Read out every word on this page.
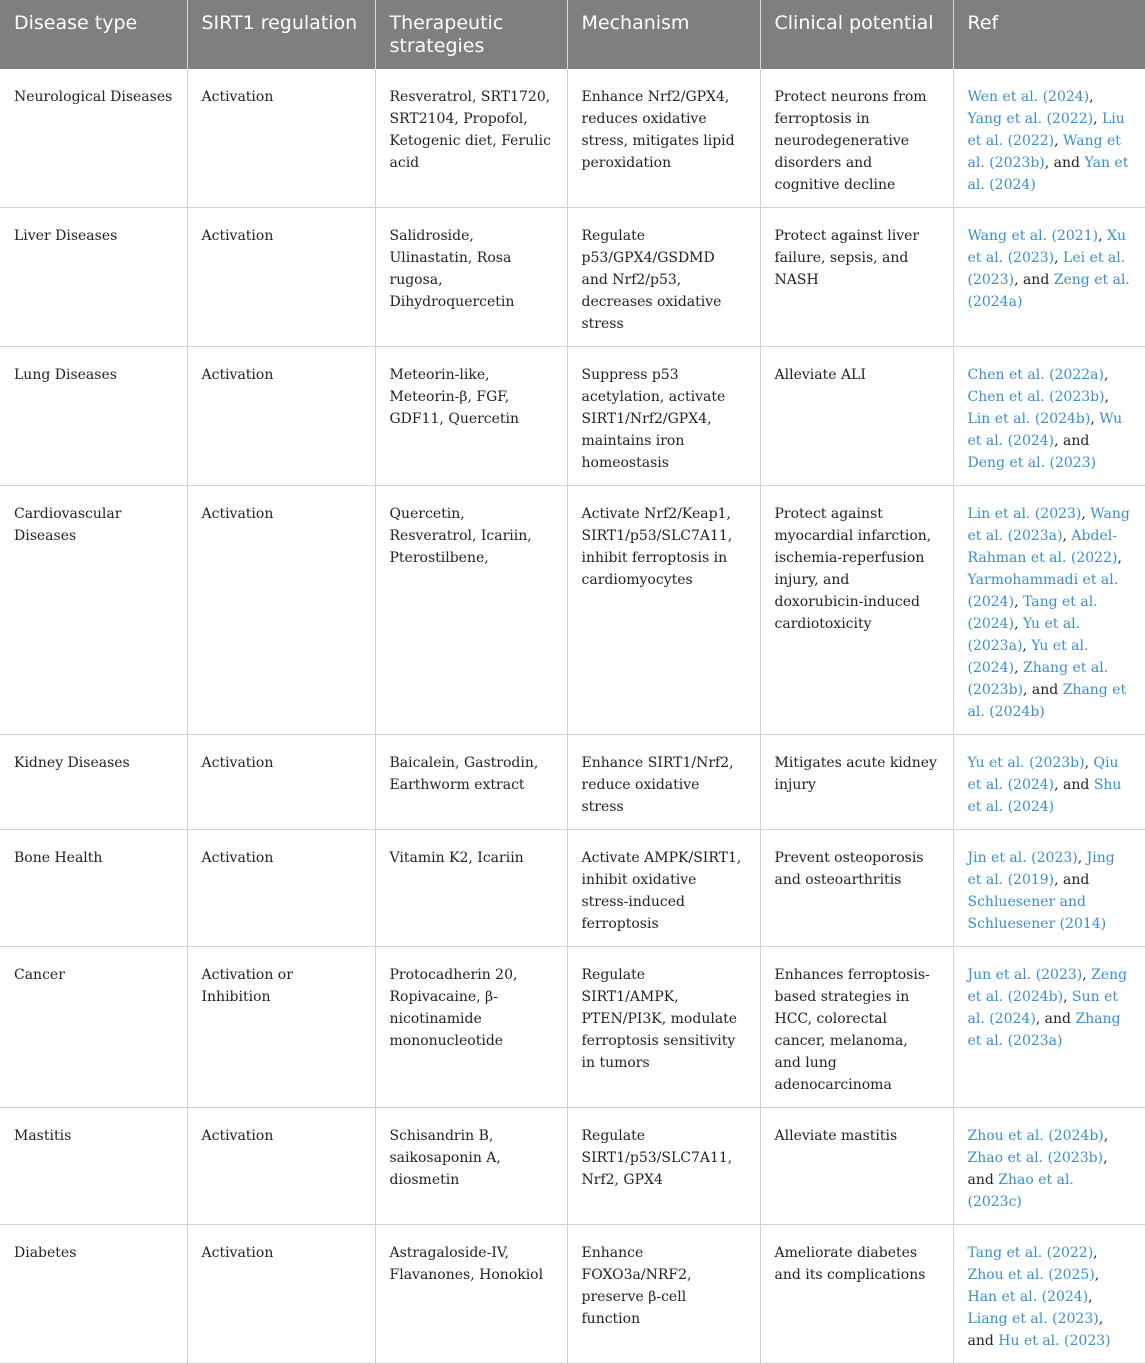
Disease type	SIRT1 regulation	Therapeutic strategies	Mechanism	Clinical potential	Ref
Neurological Diseases	Activation	Resveratrol, SRT1720, SRT2104, Propofol, Ketogenic diet, Ferulic acid	Enhance Nrf2/GPX4, reduces oxidative stress, mitigates lipid peroxidation	Protect neurons from ferroptosis in neurodegenerative disorders and cognitive decline	Wen et al. (2024), Yang et al. (2022), Liu et al. (2022), Wang et al. (2023b), and Yan et al. (2024)
Liver Diseases	Activation	Salidroside, Ulinastatin, Rosa rugosa, Dihydroquercetin	Regulate p53/GPX4/GSDMD and Nrf2/p53, decreases oxidative stress	Protect against liver failure, sepsis, and NASH	Wang et al. (2021), Xu et al. (2023), Lei et al. (2023), and Zeng et al. (2024a)
Lung Diseases	Activation	Meteorin-like, Meteorin-β, FGF, GDF11, Quercetin	Suppress p53 acetylation, activate SIRT1/Nrf2/GPX4, maintains iron homeostasis	Alleviate ALI	Chen et al. (2022a), Chen et al. (2023b), Lin et al. (2024b), Wu et al. (2024), and Deng et al. (2023)
Cardiovascular Diseases	Activation	Quercetin, Resveratrol, Icariin, Pterostilbene,	Activate Nrf2/Keap1, SIRT1/p53/SLC7A11, inhibit ferroptosis in cardiomyocytes	Protect against myocardial infarction, ischemia-reperfusion injury, and doxorubicin-induced cardiotoxicity	Lin et al. (2023), Wang et al. (2023a), Abdel-Rahman et al. (2022), Yarmohammadi et al. (2024), Tang et al. (2024), Yu et al. (2023a), Yu et al. (2024), Zhang et al. (2023b), and Zhang et al. (2024b)
Kidney Diseases	Activation	Baicalein, Gastrodin, Earthworm extract	Enhance SIRT1/Nrf2, reduce oxidative stress	Mitigates acute kidney injury	Yu et al. (2023b), Qiu et al. (2024), and Shu et al. (2024)
Bone Health	Activation	Vitamin K2, Icariin	Activate AMPK/SIRT1, inhibit oxidative stress-induced ferroptosis	Prevent osteoporosis and osteoarthritis	Jin et al. (2023), Jing et al. (2019), and Schluesener and Schluesener (2014)
Cancer	Activation or Inhibition	Protocadherin 20, Ropivacaine, β-nicotinamide mononucleotide	Regulate SIRT1/AMPK, PTEN/PI3K, modulate ferroptosis sensitivity in tumors	Enhances ferroptosis-based strategies in HCC, colorectal cancer, melanoma, and lung adenocarcinoma	Jun et al. (2023), Zeng et al. (2024b), Sun et al. (2024), and Zhang et al. (2023a)
Mastitis	Activation	Schisandrin B, saikosaponin A, diosmetin	Regulate SIRT1/p53/SLC7A11, Nrf2, GPX4	Alleviate mastitis	Zhou et al. (2024b), Zhao et al. (2023b), and Zhao et al. (2023c)
Diabetes	Activation	Astragaloside-IV, Flavanones, Honokiol	Enhance FOXO3a/NRF2, preserve β-cell function	Ameliorate diabetes and its complications	Tang et al. (2022), Zhou et al. (2025), Han et al. (2024), Liang et al. (2023), and Hu et al. (2023)
